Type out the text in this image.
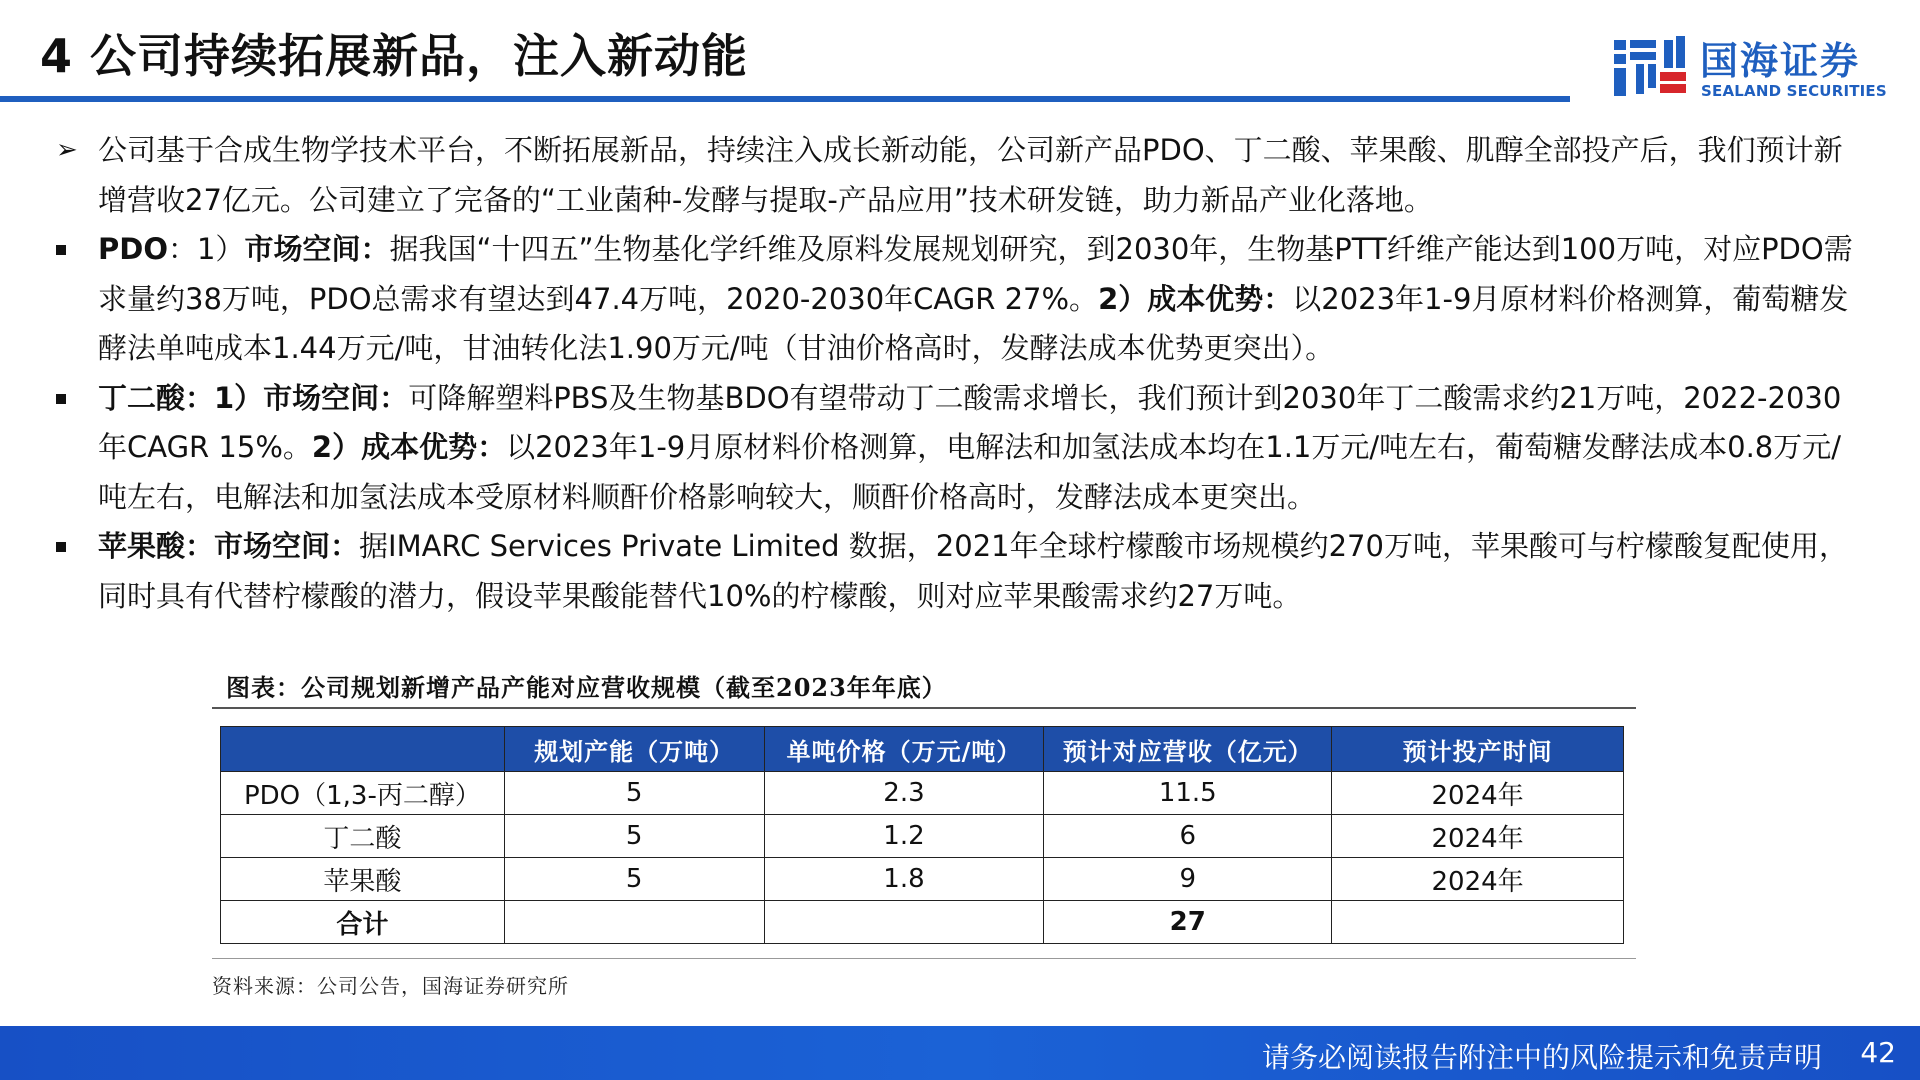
4 公司持续拓展新品，注入新动能	国海证券
SEALAND SECURITIES
➢ 公司基于合成生物学技术平台，不断拓展新品，持续注入成长新动能，公司新产品PDO、丁二酸、苹果酸、肌醇全部投产后，我们预计新增营收27亿元。公司建立了完备的“工业菌种-发酵与提取-产品应用”技术研发链，助力新品产业化落地。
PDO：1）市场空间：据我国“十四五”生物基化学纤维及原料发展规划研究，到2030年，生物基PTT纤维产能达到100万吨，对应PDO需求量约38万吨，PDO总需求有望达到47.4万吨，2020-2030年CAGR 27%。2）成本优势：以2023年1-9月原材料价格测算，葡萄糖发酵法单吨成本1.44万元/吨，甘油转化法1.90万元/吨（甘油价格高时，发酵法成本优势更突出）。
丁二酸：1）市场空间：可降解塑料PBS及生物基BDO有望带动丁二酸需求增长，我们预计到2030年丁二酸需求约21万吨，2022-2030年CAGR 15%。2）成本优势：以2023年1-9月原材料价格测算，电解法和加氢法成本均在1.1万元/吨左右，葡萄糖发酵法成本0.8万元/吨左右，电解法和加氢法成本受原材料顺酐价格影响较大，顺酐价格高时，发酵法成本更突出。
苹果酸：市场空间：据IMARC Services Private Limited 数据，2021年全球柠檬酸市场规模约270万吨，苹果酸可与柠檬酸复配使用，同时具有代替柠檬酸的潜力，假设苹果酸能替代10%的柠檬酸，则对应苹果酸需求约27万吨。
图表：公司规划新增产品产能对应营收规模（截至2023年年底）
	规划产能（万吨）	单吨价格（万元/吨）	预计对应营收（亿元）	预计投产时间
PDO（1,3-丙二醇）	5	2.3	11.5	2024年
丁二酸	5	1.2	6	2024年
苹果酸	5	1.8	9	2024年
合计			27	
资料来源：公司公告，国海证券研究所
请务必阅读报告附注中的风险提示和免责声明 42
